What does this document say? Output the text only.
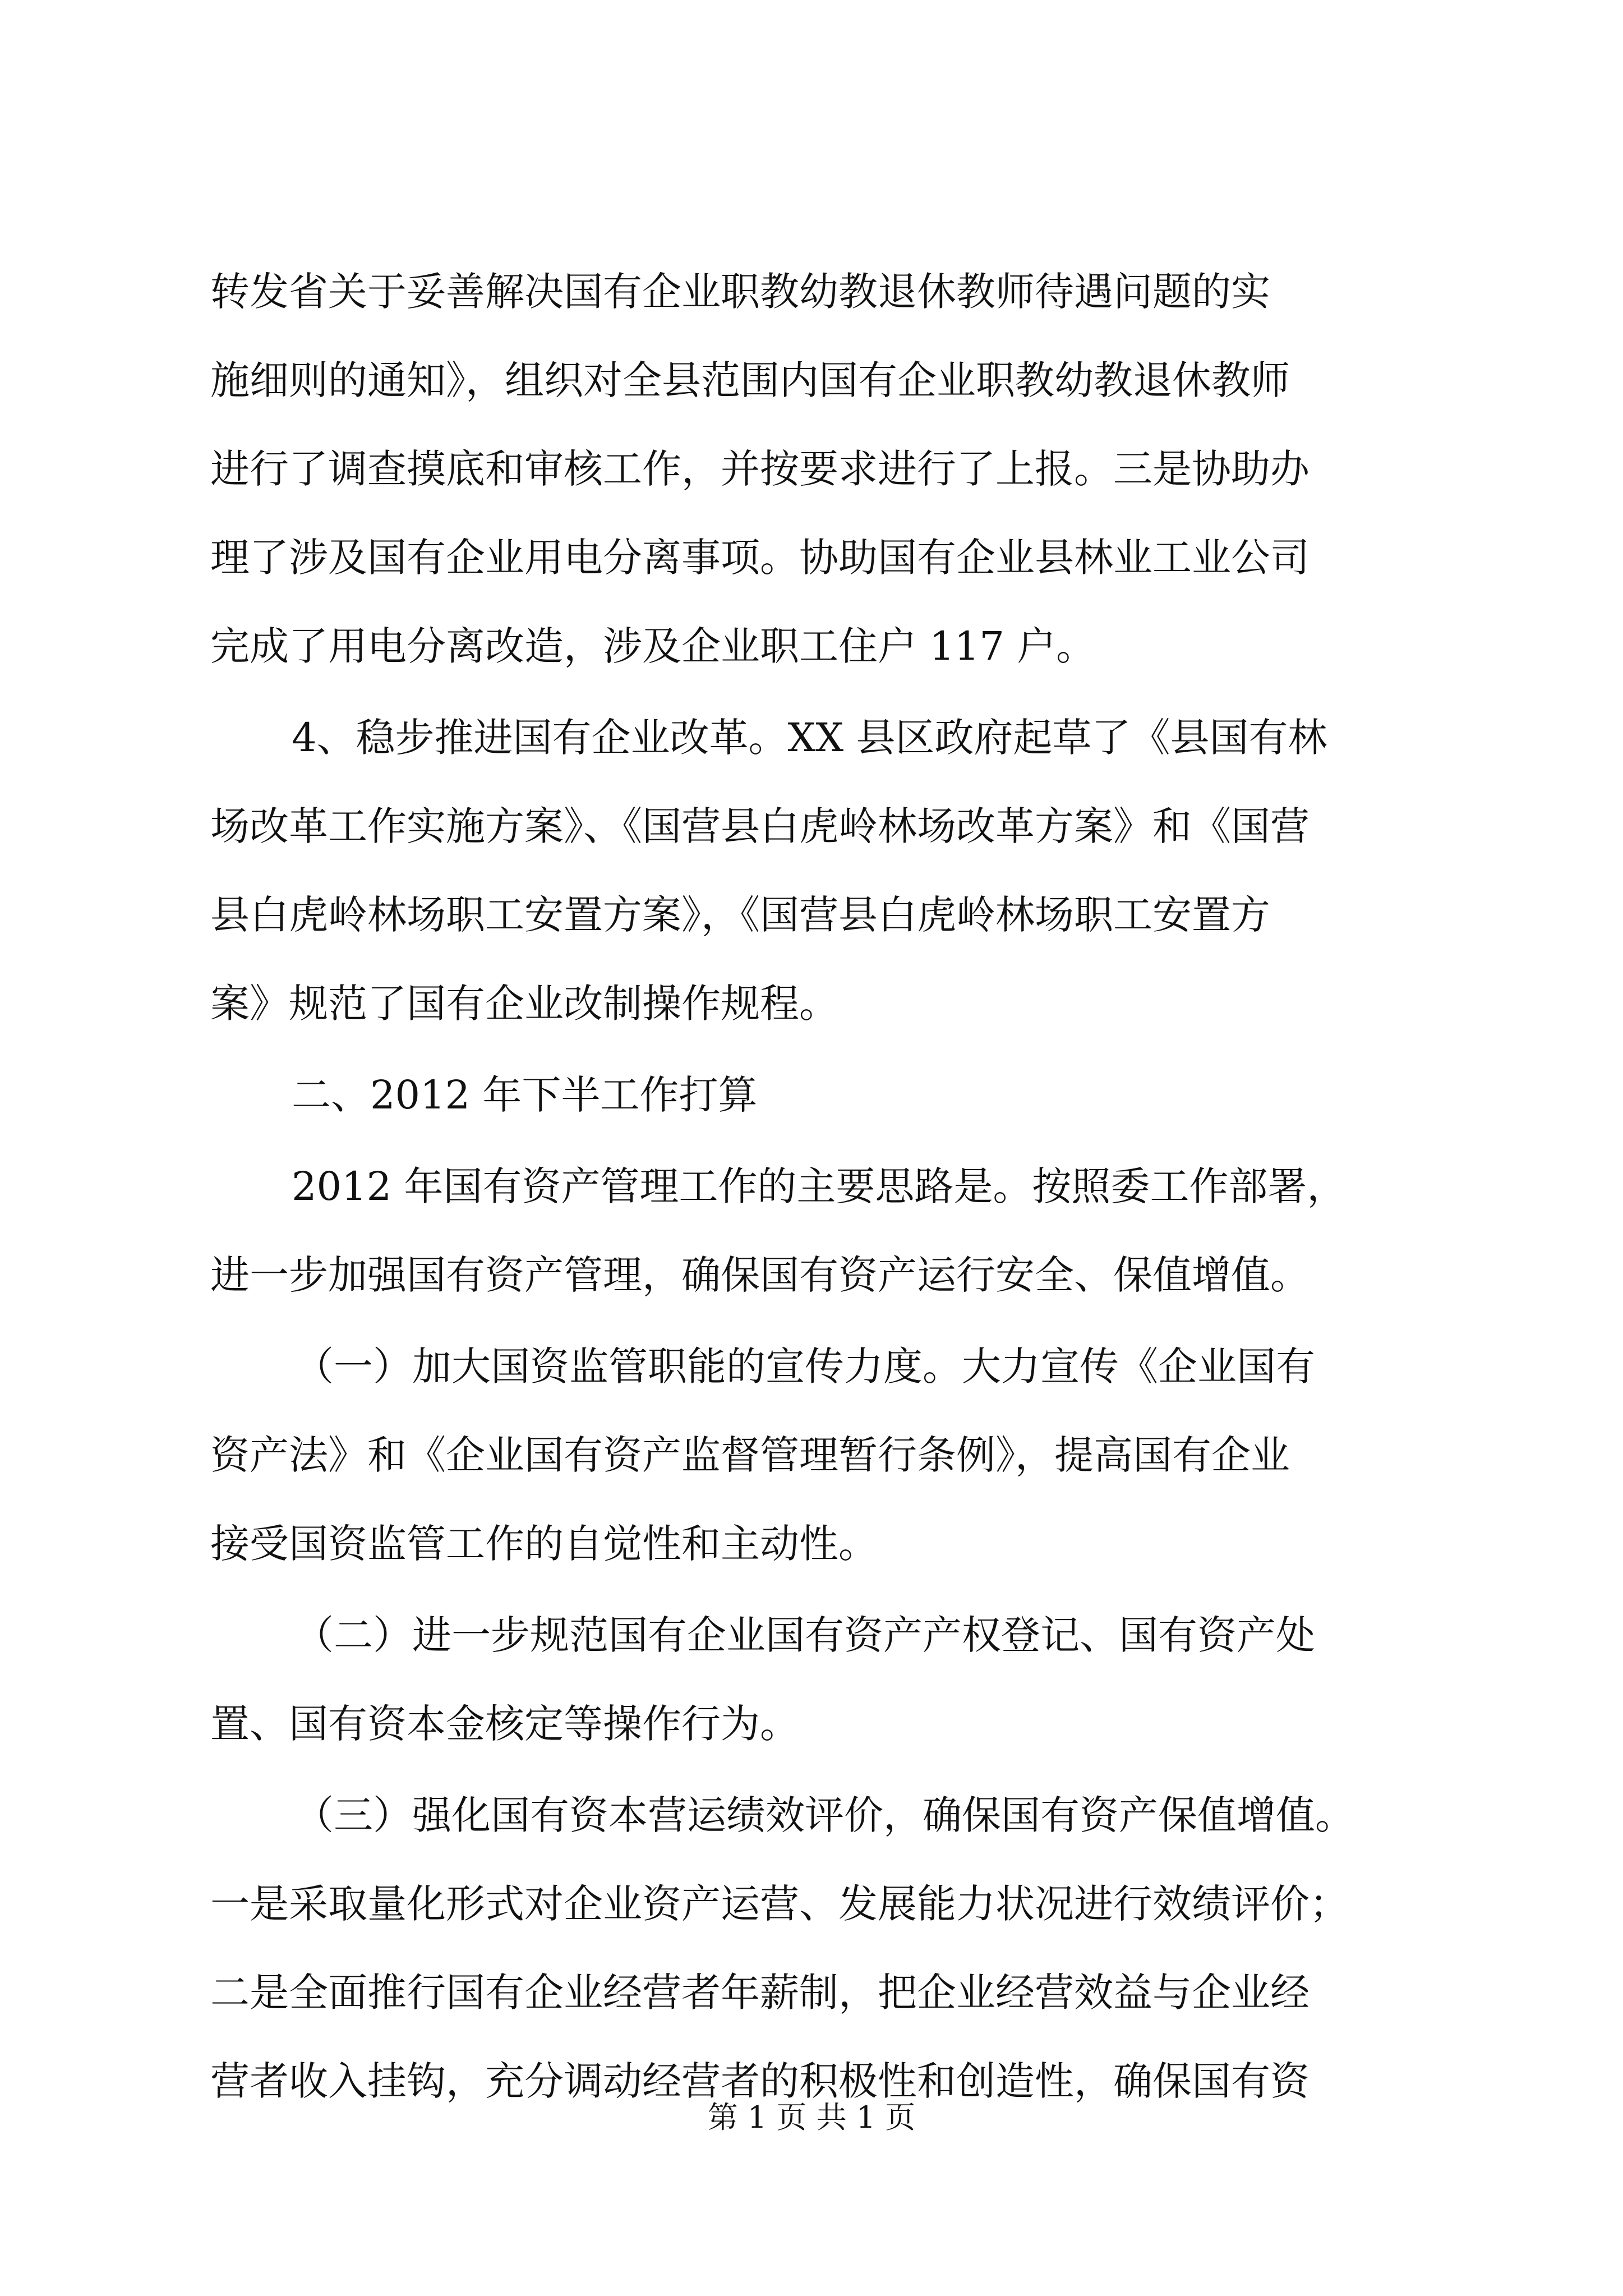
转发省关于妥善解决国有企业职教幼教退休教师待遇问题的实
施细则的通知》，组织对全县范围内国有企业职教幼教退休教师
进行了调查摸底和审核工作，并按要求进行了上报。三是协助办
理了涉及国有企业用电分离事项。协助国有企业县林业工业公司
完成了用电分离改造，涉及企业职工住户 117 户。
4、稳步推进国有企业改革。XX 县区政府起草了《县国有林
场改革工作实施方案》、《国营县白虎岭林场改革方案》和《国营
县白虎岭林场职工安置方案》，《国营县白虎岭林场职工安置方
案》规范了国有企业改制操作规程。
二、2012 年下半工作打算
2012 年国有资产管理工作的主要思路是。按照委工作部署，
进一步加强国有资产管理，确保国有资产运行安全、保值增值。
（一）加大国资监管职能的宣传力度。大力宣传《企业国有
资产法》和《企业国有资产监督管理暂行条例》，提高国有企业
接受国资监管工作的自觉性和主动性。
（二）进一步规范国有企业国有资产产权登记、国有资产处
置、国有资本金核定等操作行为。
（三）强化国有资本营运绩效评价，确保国有资产保值增值。
一是采取量化形式对企业资产运营、发展能力状况进行效绩评价；
二是全面推行国有企业经营者年薪制，把企业经营效益与企业经
营者收入挂钩，充分调动经营者的积极性和创造性，确保国有资
第 1 页 共 1 页
